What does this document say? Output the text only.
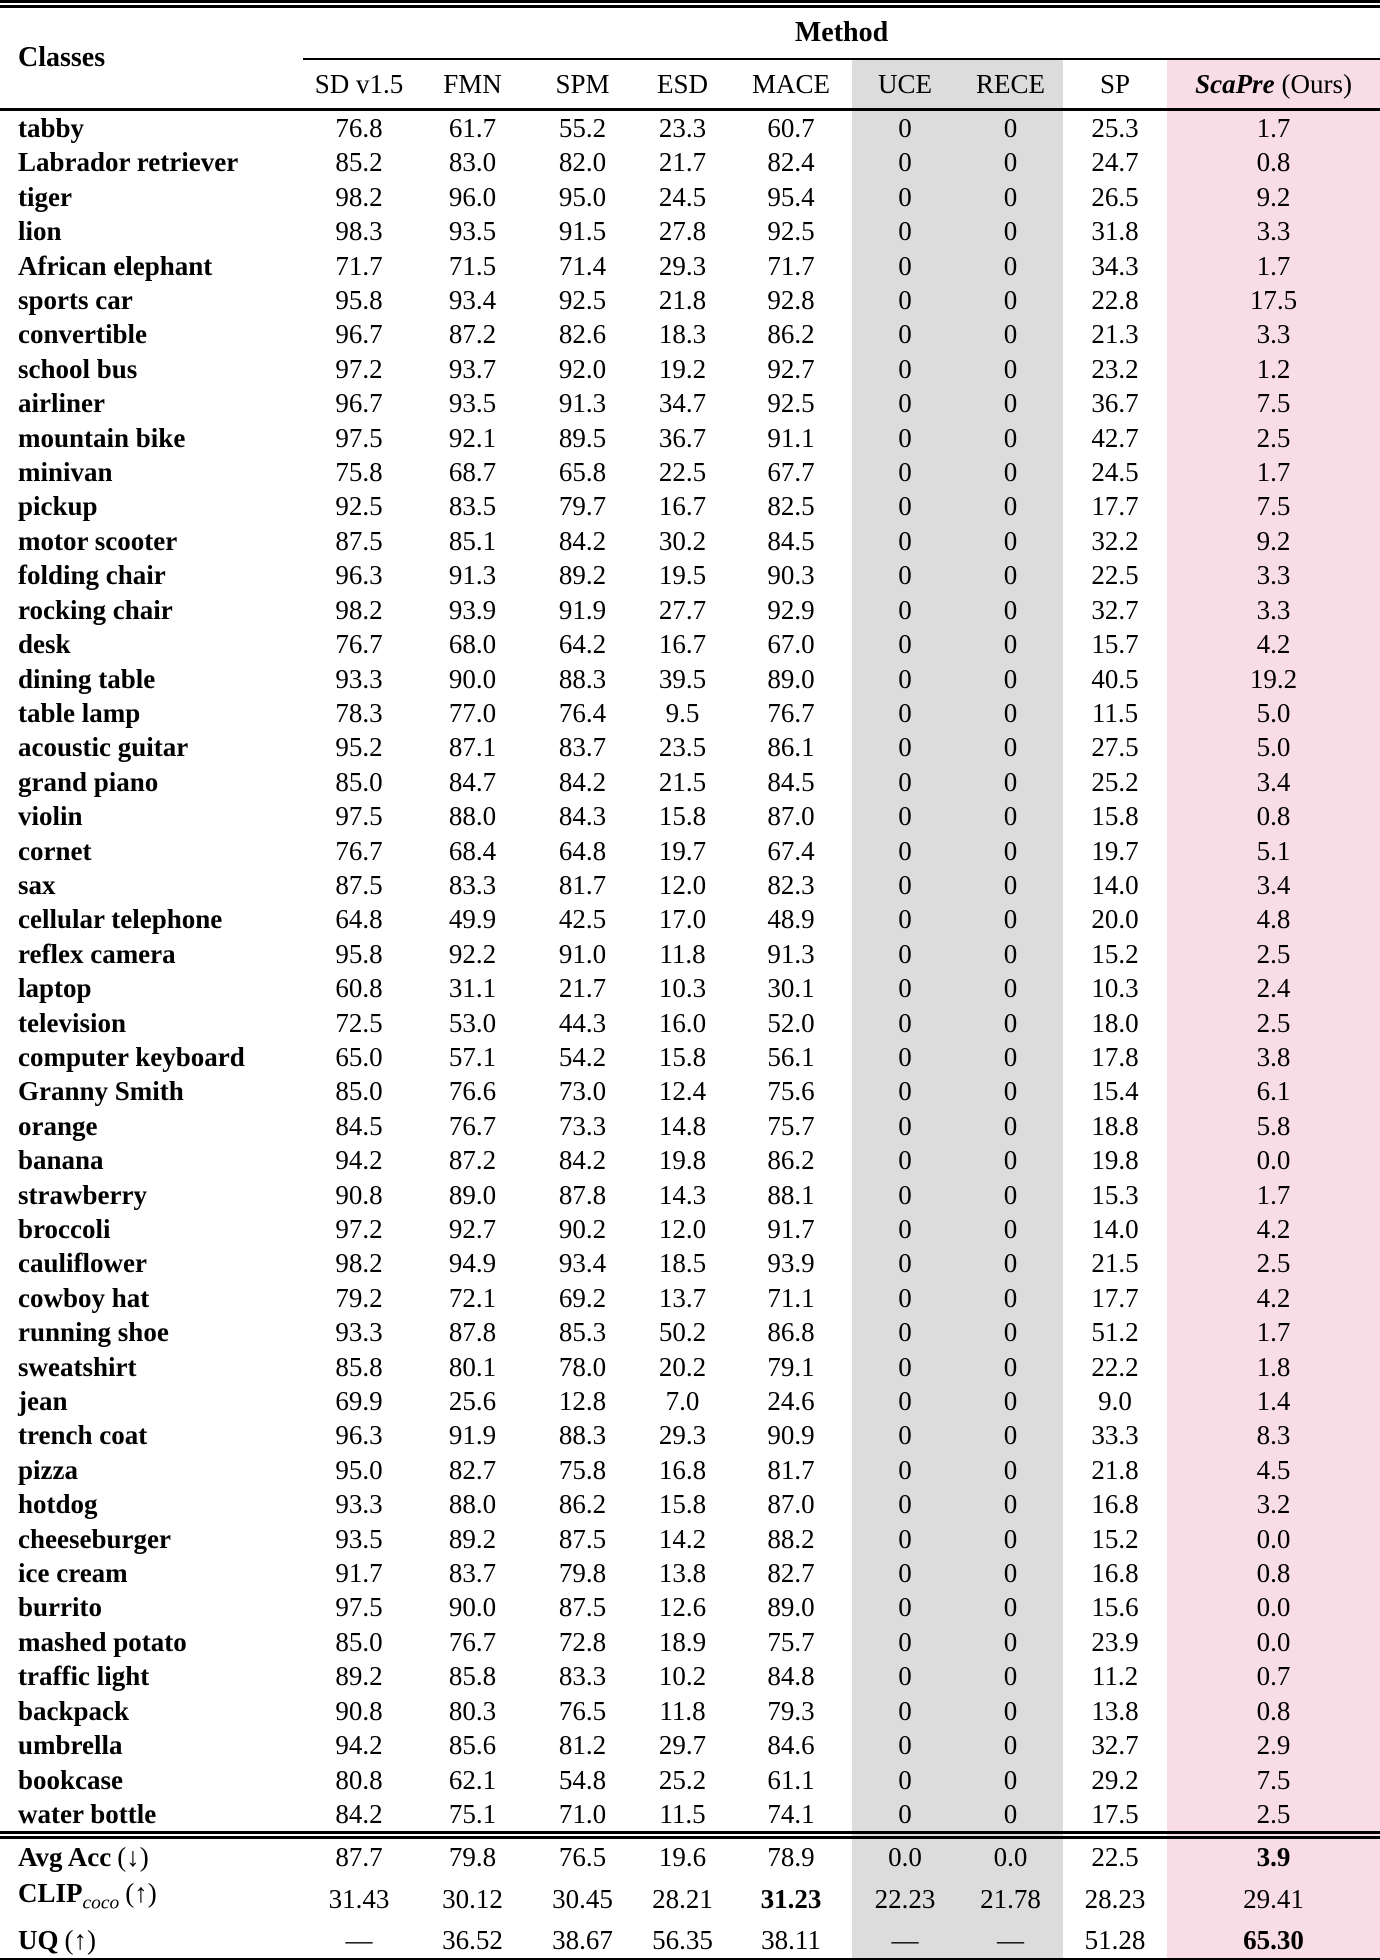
Classes	Method								
	SD v1.5	FMN	SPM	ESD	MACE	UCE	RECE	SP	ScaPre (Ours)
tabby	76.8	61.7	55.2	23.3	60.7	0	0	25.3	1.7
Labrador retriever	85.2	83.0	82.0	21.7	82.4	0	0	24.7	0.8
tiger	98.2	96.0	95.0	24.5	95.4	0	0	26.5	9.2
lion	98.3	93.5	91.5	27.8	92.5	0	0	31.8	3.3
African elephant	71.7	71.5	71.4	29.3	71.7	0	0	34.3	1.7
sports car	95.8	93.4	92.5	21.8	92.8	0	0	22.8	17.5
convertible	96.7	87.2	82.6	18.3	86.2	0	0	21.3	3.3
school bus	97.2	93.7	92.0	19.2	92.7	0	0	23.2	1.2
airliner	96.7	93.5	91.3	34.7	92.5	0	0	36.7	7.5
mountain bike	97.5	92.1	89.5	36.7	91.1	0	0	42.7	2.5
minivan	75.8	68.7	65.8	22.5	67.7	0	0	24.5	1.7
pickup	92.5	83.5	79.7	16.7	82.5	0	0	17.7	7.5
motor scooter	87.5	85.1	84.2	30.2	84.5	0	0	32.2	9.2
folding chair	96.3	91.3	89.2	19.5	90.3	0	0	22.5	3.3
rocking chair	98.2	93.9	91.9	27.7	92.9	0	0	32.7	3.3
desk	76.7	68.0	64.2	16.7	67.0	0	0	15.7	4.2
dining table	93.3	90.0	88.3	39.5	89.0	0	0	40.5	19.2
table lamp	78.3	77.0	76.4	9.5	76.7	0	0	11.5	5.0
acoustic guitar	95.2	87.1	83.7	23.5	86.1	0	0	27.5	5.0
grand piano	85.0	84.7	84.2	21.5	84.5	0	0	25.2	3.4
violin	97.5	88.0	84.3	15.8	87.0	0	0	15.8	0.8
cornet	76.7	68.4	64.8	19.7	67.4	0	0	19.7	5.1
sax	87.5	83.3	81.7	12.0	82.3	0	0	14.0	3.4
cellular telephone	64.8	49.9	42.5	17.0	48.9	0	0	20.0	4.8
reflex camera	95.8	92.2	91.0	11.8	91.3	0	0	15.2	2.5
laptop	60.8	31.1	21.7	10.3	30.1	0	0	10.3	2.4
television	72.5	53.0	44.3	16.0	52.0	0	0	18.0	2.5
computer keyboard	65.0	57.1	54.2	15.8	56.1	0	0	17.8	3.8
Granny Smith	85.0	76.6	73.0	12.4	75.6	0	0	15.4	6.1
orange	84.5	76.7	73.3	14.8	75.7	0	0	18.8	5.8
banana	94.2	87.2	84.2	19.8	86.2	0	0	19.8	0.0
strawberry	90.8	89.0	87.8	14.3	88.1	0	0	15.3	1.7
broccoli	97.2	92.7	90.2	12.0	91.7	0	0	14.0	4.2
cauliflower	98.2	94.9	93.4	18.5	93.9	0	0	21.5	2.5
cowboy hat	79.2	72.1	69.2	13.7	71.1	0	0	17.7	4.2
running shoe	93.3	87.8	85.3	50.2	86.8	0	0	51.2	1.7
sweatshirt	85.8	80.1	78.0	20.2	79.1	0	0	22.2	1.8
jean	69.9	25.6	12.8	7.0	24.6	0	0	9.0	1.4
trench coat	96.3	91.9	88.3	29.3	90.9	0	0	33.3	8.3
pizza	95.0	82.7	75.8	16.8	81.7	0	0	21.8	4.5
hotdog	93.3	88.0	86.2	15.8	87.0	0	0	16.8	3.2
cheeseburger	93.5	89.2	87.5	14.2	88.2	0	0	15.2	0.0
ice cream	91.7	83.7	79.8	13.8	82.7	0	0	16.8	0.8
burrito	97.5	90.0	87.5	12.6	89.0	0	0	15.6	0.0
mashed potato	85.0	76.7	72.8	18.9	75.7	0	0	23.9	0.0
traffic light	89.2	85.8	83.3	10.2	84.8	0	0	11.2	0.7
backpack	90.8	80.3	76.5	11.8	79.3	0	0	13.8	0.8
umbrella	94.2	85.6	81.2	29.7	84.6	0	0	32.7	2.9
bookcase	80.8	62.1	54.8	25.2	61.1	0	0	29.2	7.5
water bottle	84.2	75.1	71.0	11.5	74.1	0	0	17.5	2.5
Avg Acc (↓)	87.7	79.8	76.5	19.6	78.9	0.0	0.0	22.5	3.9
$CLIP_{coco}$ (↑)	31.43	30.12	30.45	28.21	31.23	22.23	21.78	28.23	29.41
UQ (↑)	—	36.52	38.67	56.35	38.11	—	—	51.28	65.30
